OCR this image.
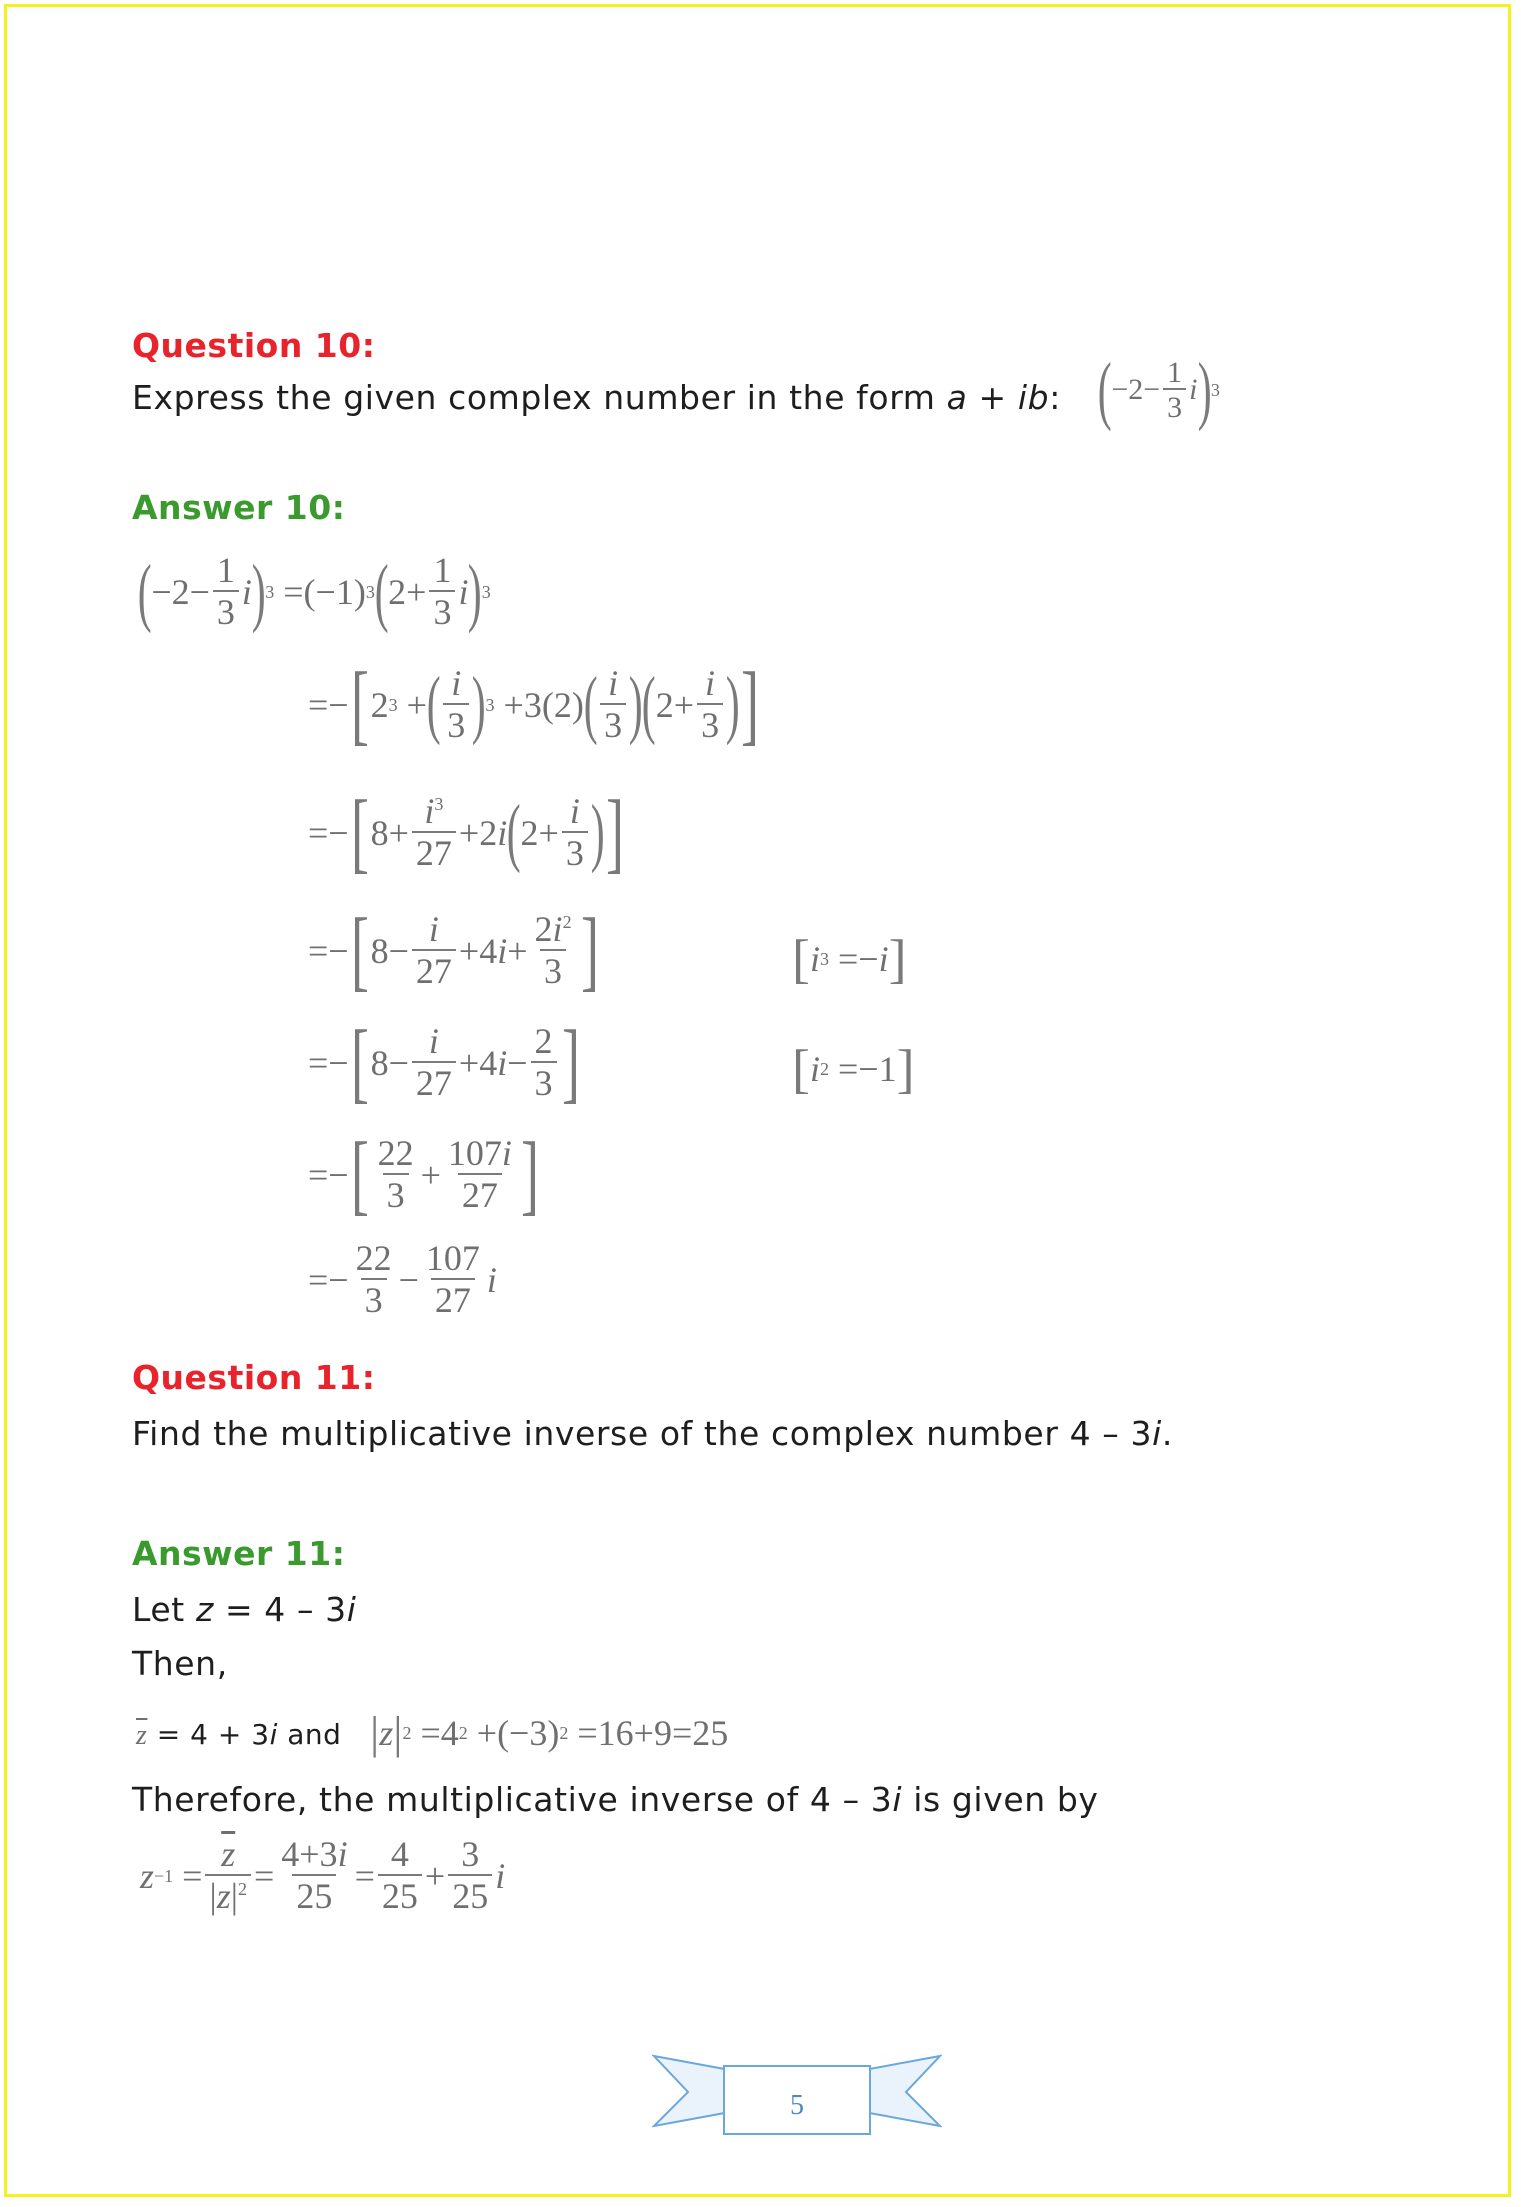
Question 10:
Express the given complex number in the form a + ib: ( $-2- \frac{1}{3}$ i ) 3
Answer 10:
( $-2- \frac{1}{3}$ i ) 3 =(−1) 3 ( $2+ \frac{1}{3}$ i ) 3
=− [ 2 3 + ( $\frac{i}{3}$ ) 3 +3(2) ( $\frac{i}{3}$ ) ( $2+ \frac{i}{3}$ ) ]
=− [ $8+ \frac{i^3}{27} +2$ i ( $2+ \frac{i}{3}$ ) ]
=− [ $8- \frac{i}{27} +4$ $i + \frac{2i^2}{3}$ ]	[ i 3 =− i ]
=− [ $8- \frac{i}{27} +4$ $i - \frac{2}{3}$ ]	[ i 2 =−1 ]
=− [ $\frac{22}{3} + \frac{107i}{27}$ ]
=− $\frac{22}{3} - \frac{107}{27}$ i
Question 11:
Find the multiplicative inverse of the complex number 4 – 3i.
Answer 11:
Let z = 4 – 3i
Then,
$\overline{z} = 4 + 3i$ and | z | 2 =4 2 +(−3) 2 =16+9=25
Therefore, the multiplicative inverse of 4 – 3i is given by
$z -1 = \frac{\overline{z}}{|z|^2} = \frac{4+3i}{25} = \frac{4}{25} + \frac{3}{25}$ i
5
